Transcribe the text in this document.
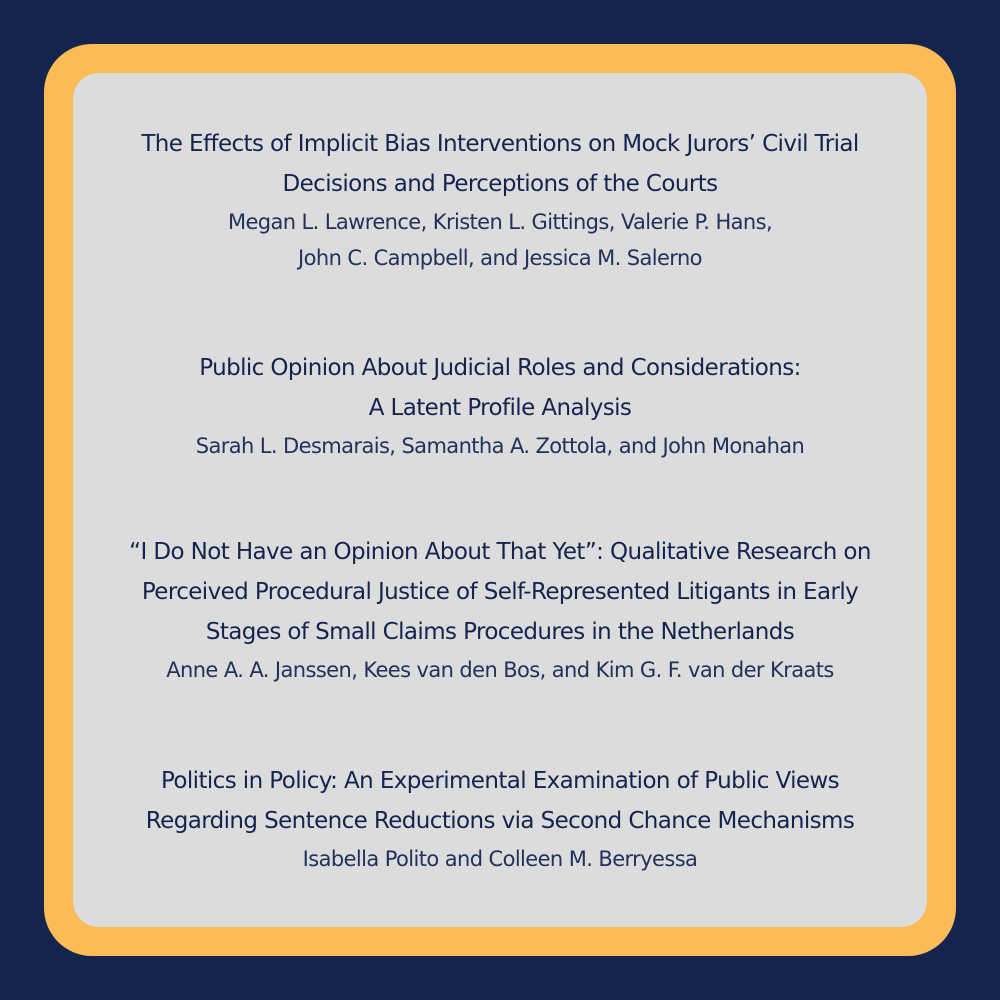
The Effects of Implicit Bias Interventions on Mock Jurors’ Civil Trial
Decisions and Perceptions of the Courts
Megan L. Lawrence, Kristen L. Gittings, Valerie P. Hans,
John C. Campbell, and Jessica M. Salerno
Public Opinion About Judicial Roles and Considerations:
A Latent Profile Analysis
Sarah L. Desmarais, Samantha A. Zottola, and John Monahan
“I Do Not Have an Opinion About That Yet”: Qualitative Research on
Perceived Procedural Justice of Self-Represented Litigants in Early
Stages of Small Claims Procedures in the Netherlands
Anne A. A. Janssen, Kees van den Bos, and Kim G. F. van der Kraats
Politics in Policy: An Experimental Examination of Public Views
Regarding Sentence Reductions via Second Chance Mechanisms
Isabella Polito and Colleen M. Berryessa
